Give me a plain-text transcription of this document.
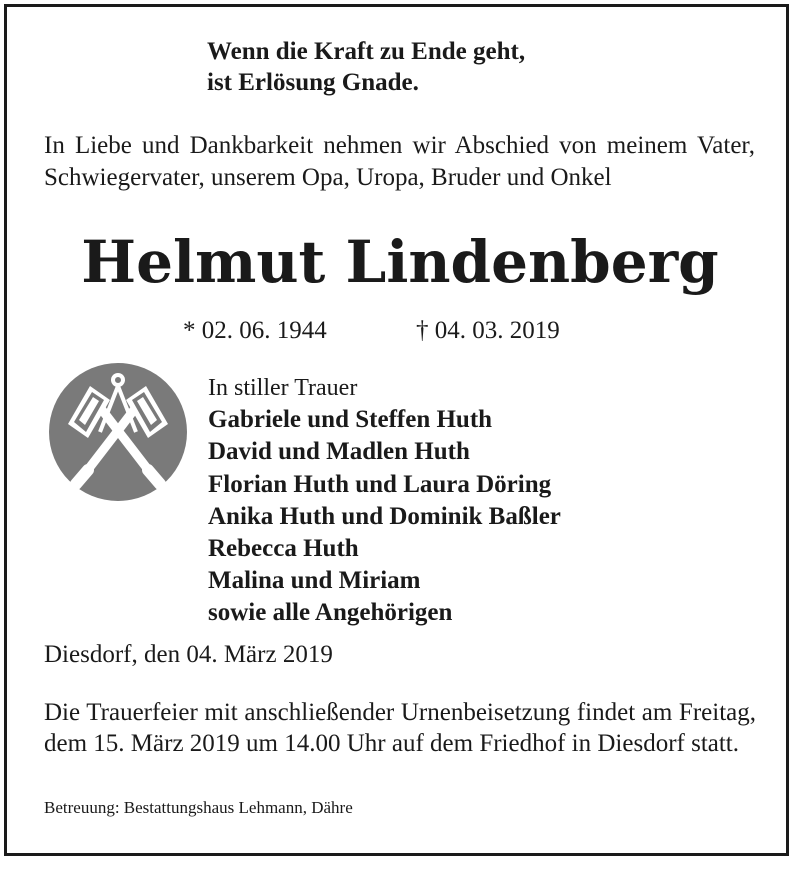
Wenn die Kraft zu Ende geht,
ist Erlösung Gnade.
In Liebe und Dankbarkeit nehmen wir Abschied von meinem Vater, Schwiegervater, unserem Opa, Uropa, Bruder und Onkel
Helmut Lindenberg
* 02. 06. 1944	† 04. 03. 2019
In stiller Trauer
Gabriele und Steffen Huth
David und Madlen Huth
Florian Huth und Laura Döring
Anika Huth und Dominik Baßler
Rebecca Huth
Malina und Miriam
sowie alle Angehörigen
Diesdorf, den 04. März 2019
Die Trauerfeier mit anschließender Urnenbeisetzung findet am Freitag, dem 15. März 2019 um 14.00 Uhr auf dem Friedhof in Diesdorf statt.
Betreuung: Bestattungshaus Lehmann, Dähre
